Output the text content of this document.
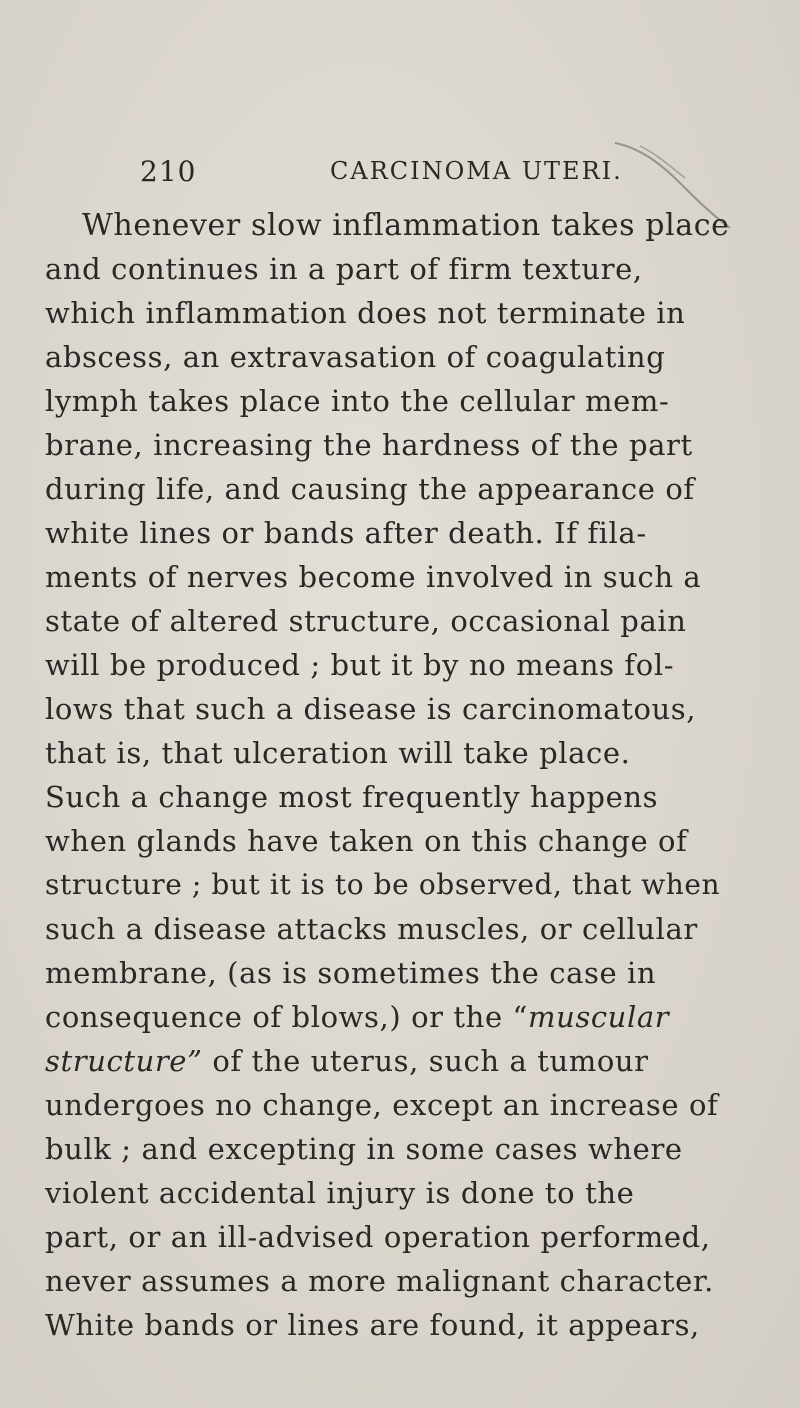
210	CARCINOMA UTERI.
Whenever slow inflammation takes place
and continues in a part of firm texture,
which inflammation does not terminate in
abscess, an extravasation of coagulating
lymph takes place into the cellular mem-
brane, increasing the hardness of the part
during life, and causing the appearance of
white lines or bands after death. If fila-
ments of nerves become involved in such a
state of altered structure, occasional pain
will be produced ; but it by no means fol-
lows that such a disease is carcinomatous,
that is, that ulceration will take place.
Such a change most frequently happens
when glands have taken on this change of
structure ; but it is to be observed, that when
such a disease attacks muscles, or cellular
membrane, (as is sometimes the case in
consequence of blows,) or the “muscular
structure” of the uterus, such a tumour
undergoes no change, except an increase of
bulk ; and excepting in some cases where
violent accidental injury is done to the
part, or an ill-advised operation performed,
never assumes a more malignant character.
White bands or lines are found, it appears,
